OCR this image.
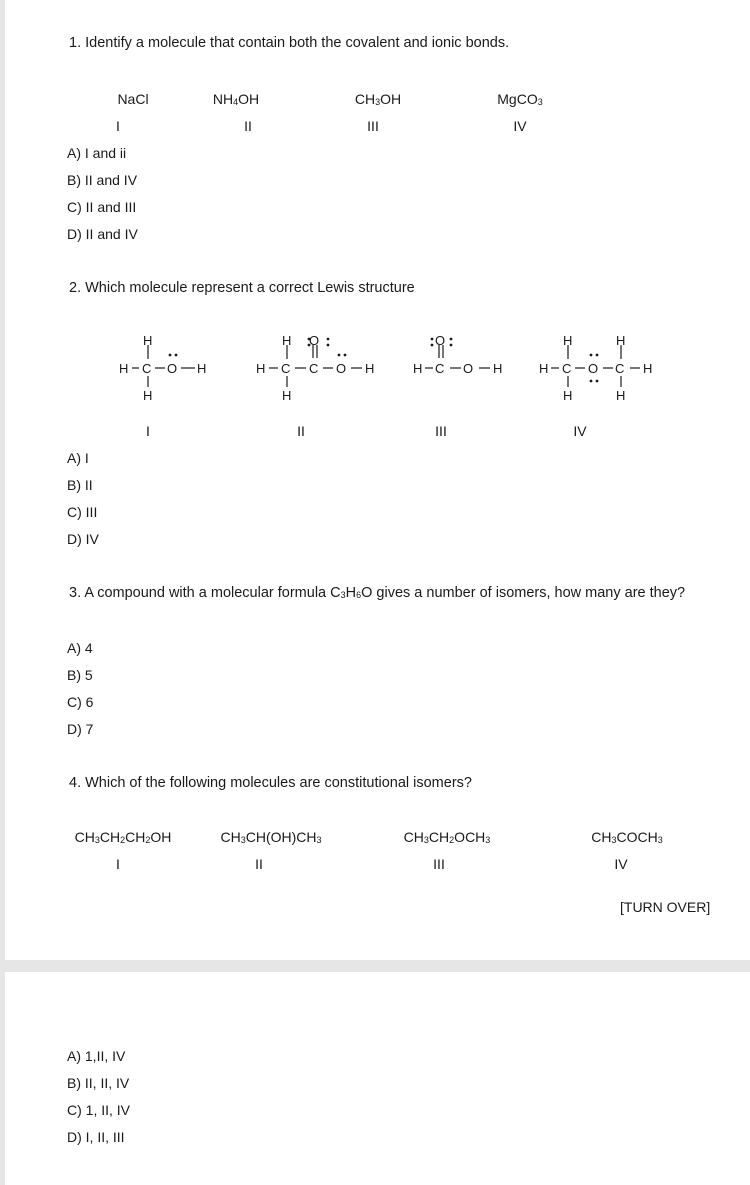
1. Identify a molecule that contain both the covalent and ionic bonds.
NaCl	$NH_4OH$	$CH_3OH$	MgCO$_3$
I	II	III	IV
A) I and ii
B) II and IV
C) II and III
D) II and IV
2. Which molecule represent a correct Lewis structure
H
H C O H
H
H O
H C C O H
H
O
H C O H
H	H
H C O C H
H	H
I	II	III	IV
A) I
B) II
C) III
D) IV
3. A compound with a molecular formula $C_3H_6O$ gives a number of isomers, how many are they?
A) 4
B) 5
C) 6
D) 7
4. Which of the following molecules are constitutional isomers?
$CH_3CH_2CH_2OH$	$CH_3CH(OH)CH_3$	$CH_3CH_2OCH_3$	$CH_3COCH_3$
I	II	III	IV
[TURN OVER]
A) 1,II, IV
B) II, II, IV
C) 1, II, IV
D) I, II, III
